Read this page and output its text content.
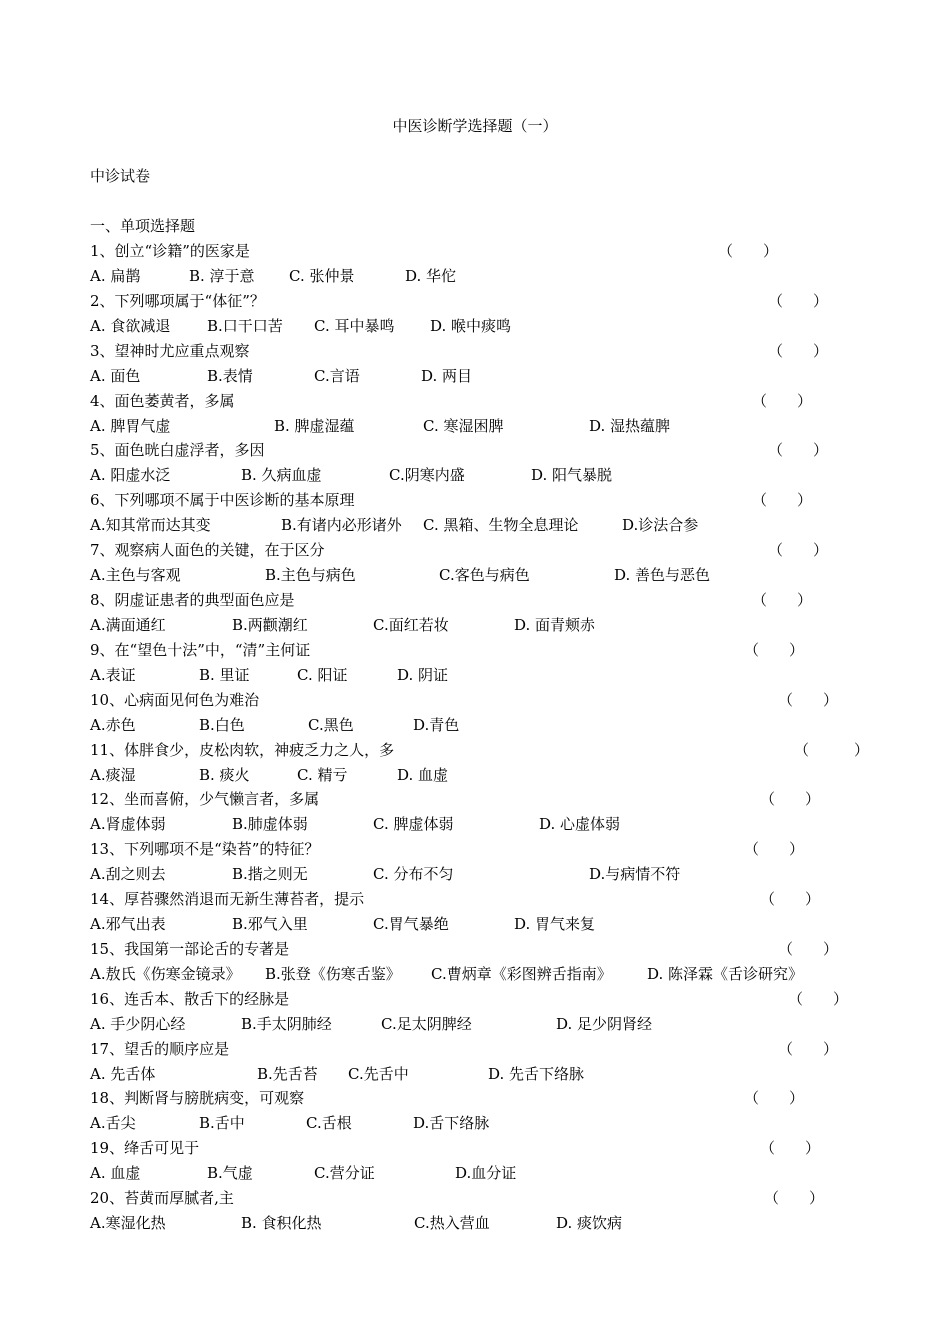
中医诊断学选择题（一）
中诊试卷
一、单项选择题
1、创立“诊籍”的医家是	（　　）
A. 扁鹊	B. 淳于意 C. 张仲景	D. 华佗
2、下列哪项属于“体征”？	（　　）
A. 食欲减退 B.口干口苦 C. 耳中暴鸣 D. 喉中痰鸣
3、望神时尤应重点观察	（　　）
A. 面色	B.表情	C.言语	D. 两目
4、面色萎黄者，多属	（　　）
A. 脾胃气虚	B. 脾虚湿蕴	C. 寒湿困脾	D. 湿热蕴脾
5、面色晄白虚浮者，多因	（　　）
A. 阳虚水泛	B. 久病血虚	C.阴寒内盛	D. 阳气暴脱
6、下列哪项不属于中医诊断的基本原理	（　　）
A.知其常而达其变	B.有诸内必形诸外 C. 黑箱、生物全息理论	D.诊法合参
7、观察病人面色的关键，在于区分	（　　）
A.主色与客观	B.主色与病色	C.客色与病色	D. 善色与恶色
8、阴虚证患者的典型面色应是	（　　）
A.满面通红	B.两颧潮红	C.面红若妆	D. 面青颊赤
9、在“望色十法”中，“清”主何证	（　　）
A.表证	B. 里证	C. 阳证	D. 阴证
10、心病面见何色为难治	（　　）
A.赤色	B.白色	C.黑色	D.青色
11、体胖食少，皮松肉软，神疲乏力之人，多	（　　　）
A.痰湿	B. 痰火	C. 精亏	D. 血虚
12、坐而喜俯，少气懒言者，多属	（　　）
A.肾虚体弱	B.肺虚体弱	C. 脾虚体弱	D. 心虚体弱
13、下列哪项不是“染苔”的特征？	（　　）
A.刮之则去	B.揩之则无	C. 分布不匀	D.与病情不符
14、厚苔骤然消退而无新生薄苔者，提示	（　　）
A.邪气出表	B.邪气入里	C.胃气暴绝	D. 胃气来复
15、我国第一部论舌的专著是	（　　）
A.敖氏《伤寒金镜录》 B.张登《伤寒舌鉴》 C.曹炳章《彩图辨舌指南》 D. 陈泽霖《舌诊研究》
16、连舌本、散舌下的经脉是	（　　）
A. 手少阴心经	B.手太阴肺经	C.足太阴脾经	D. 足少阴肾经
17、望舌的顺序应是	（　　）
A. 先舌体	B.先舌苔 C.先舌中	D. 先舌下络脉
18、判断肾与膀胱病变，可观察	（　　）
A.舌尖	B.舌中	C.舌根	D.舌下络脉
19、绛舌可见于	（　　）
A. 血虚	B.气虚	C.营分证	D.血分证
20、苔黄而厚腻者,主	（　　）
A.寒湿化热	B. 食积化热	C.热入营血	D. 痰饮病
